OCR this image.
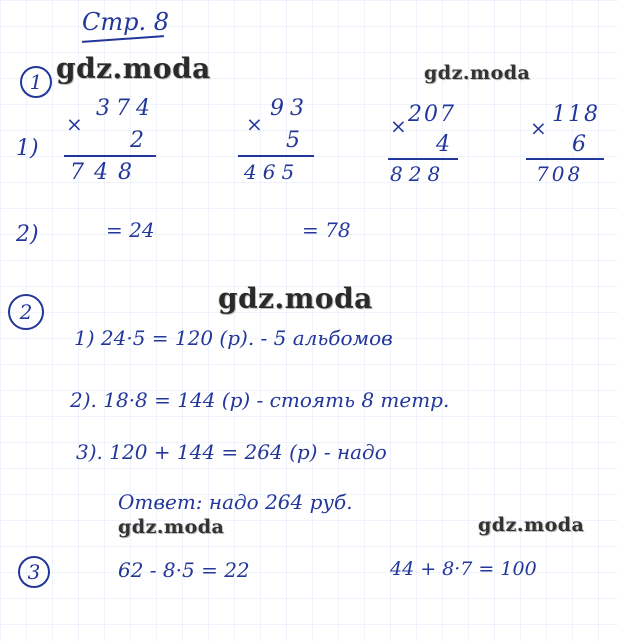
Стр. 8
gdz.moda	gdz.moda
gdz.moda
gdz.moda	gdz.moda
1
1)
×
374
2
748
×
93
5
465
× 207
4
828
×
118
6
708
2)	= 24	= 78
2
1) 24·5 = 120 (р). - 5 альбомов
2). 18·8 = 144 (р) - стоять 8 тетр.
3). 120 + 144 = 264 (р) - надо
Ответ: надо 264 руб.
3	62 - 8·5 = 22	44 + 8·7 = 100
